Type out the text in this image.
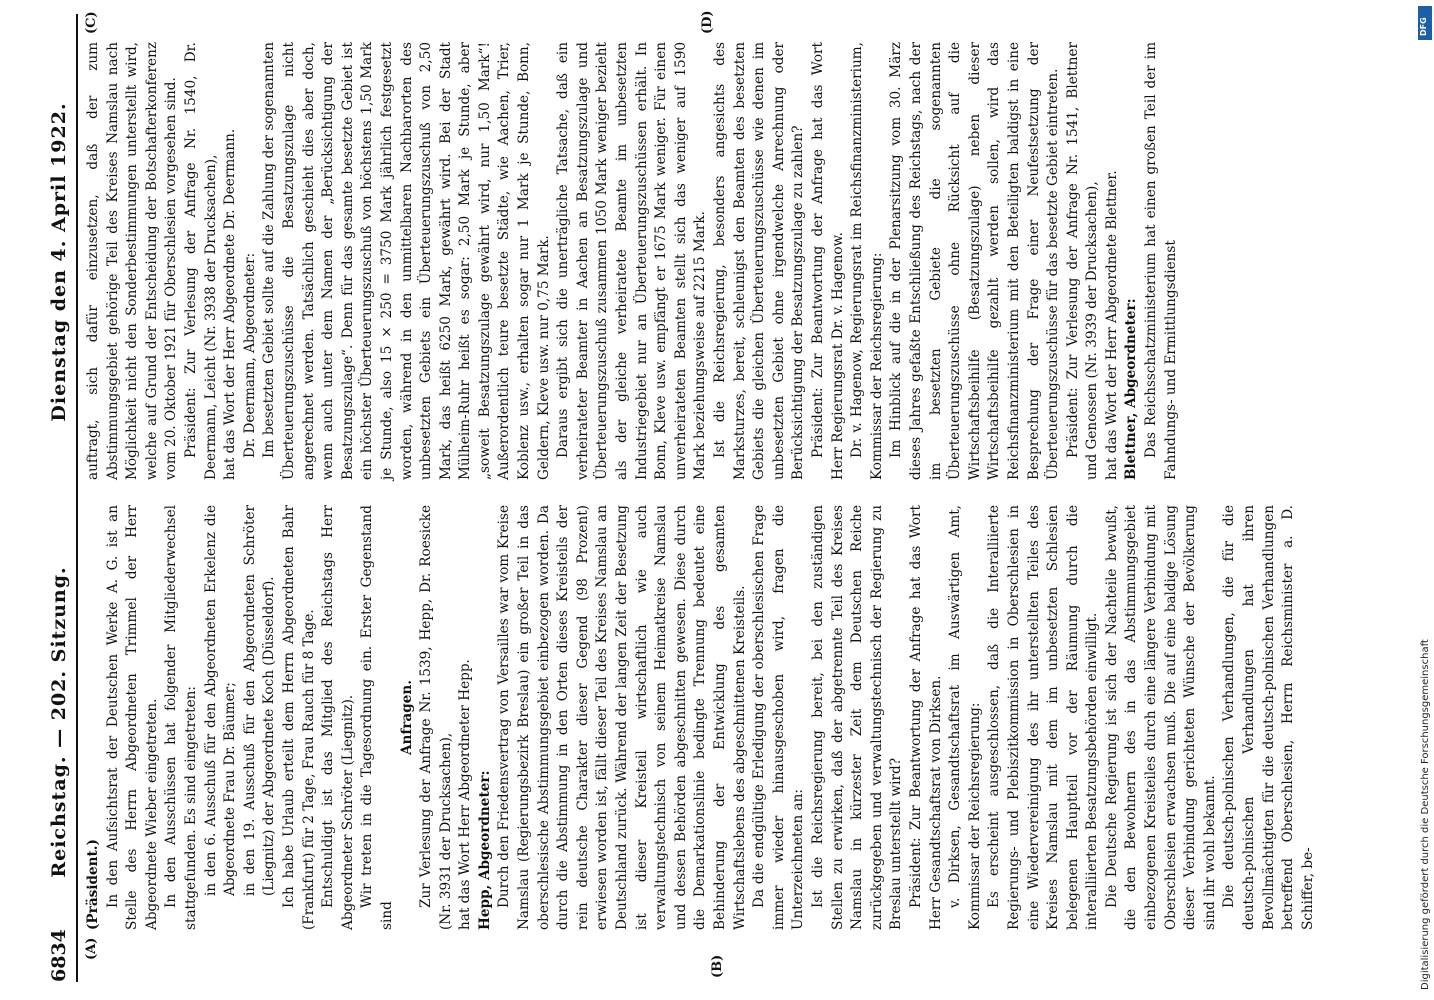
6834
Reichstag. — 202. Sitzung.
Dienstag den 4. April 1922.
(A)
(B)
(C)	(D)

(Präsident.) In den Aufsichtsrat der Deutschen Werke A. G. ist an Stelle des Herrn Abgeordneten Trimmel der Herr Abgeordnete Wieber eingetreten. In den Ausschüssen hat folgender Mitgliederwechsel stattgefunden. Es sind eingetreten: in den 6. Ausschuß für den Abgeordneten Erkelenz die Abgeordnete Frau Dr. Bäumer; in den 19. Ausschuß für den Abgeordneten Schröter (Liegnitz) der Abgeordnete Koch (Düsseldorf). Ich habe Urlaub erteilt dem Herrn Abgeordneten Bahr (Frankfurt) für 2 Tage, Frau Rauch für 8 Tage. Entschuldigt ist das Mitglied des Reichstags Herr Abgeordneter Schröter (Liegnitz). Wir treten in die Tagesordnung ein. Erster Gegenstand sind

Anfragen. Zur Verlesung der Anfrage Nr. 1539, Hepp, Dr. Roesicke (Nr. 3931 der Drucksachen), hat das Wort Herr Abgeordneter Hepp. Hepp, Abgeordneter: Durch den Friedensvertrag von Versailles war vom Kreise Namslau (Regierungsbezirk Breslau) ein großer Teil in das oberschlesische Abstimmungsgebiet einbezogen worden. Da durch die Abstimmung in den Orten dieses Kreisteils der rein deutsche Charakter dieser Gegend (98 Prozent) erwiesen worden ist, fällt dieser Teil des Kreises Namslau an Deutschland zurück. Während der langen Zeit der Besetzung ist dieser Kreisteil wirtschaftlich wie auch verwaltungstechnisch von seinem Heimatkreise Namslau und dessen Behörden abgeschnitten gewesen. Diese durch die Demarkationslinie bedingte Trennung bedeutet eine Behinderung der Entwicklung des gesamten Wirtschaftslebens des abgeschnittenen Kreisteils. Da die endgültige Erledigung der oberschlesischen Frage immer wieder hinausgeschoben wird, fragen die Unterzeichneten an: Ist die Reichsregierung bereit, bei den zuständigen Stellen zu erwirken, daß der abgetrennte Teil des Kreises Namslau in kürzester Zeit dem Deutschen Reiche zurückgegeben und verwaltungstechnisch der Regierung zu Breslau unterstellt wird? Präsident: Zur Beantwortung der Anfrage hat das Wort Herr Gesandtschaftsrat von Dirksen. v. Dirksen, Gesandtschaftsrat im Auswärtigen Amt, Kommissar der Reichsregierung: Es erscheint ausgeschlossen, daß die Interalliierte Regierungs- und Plebiszitkommission in Oberschlesien in eine Wiedervereinigung des ihr unterstellten Teiles des Kreises Namslau mit dem im unbesetzten Schlesien belegenen Hauptteil vor der Räumung durch die interalliierten Besatzungsbehörden einwilligt. Die Deutsche Regierung ist sich der Nachteile bewußt, die den Bewohnern des in das Abstimmungsgebiet einbezogenen Kreisteiles durch eine längere Verbindung mit Oberschlesien erwachsen muß. Die auf eine baldige Lösung dieser Verbindung gerichteten Wünsche der Bevölkerung sind ihr wohl bekannt. Die deutsch-polnischen Verhandlungen, die für die deutsch-polnischen Verhandlungen hat ihren Bevollmächtigten für die deutsch-polnischen Verhandlungen betreffend Oberschlesien, Herrn Reichsminister a. D. Schiffer, be-

auftragt, sich dafür einzusetzen, daß der zum Abstimmungsgebiet gehörige Teil des Kreises Namslau nach Möglichkeit nicht den Sonderbestimmungen unterstellt wird, welche auf Grund der Entscheidung der Botschafterkonferenz vom 20. Oktober 1921 für Oberschlesien vorgesehen sind. Präsident: Zur Verlesung der Anfrage Nr. 1540, Dr. Deermann, Leicht (Nr. 3938 der Drucksachen), hat das Wort der Herr Abgeordnete Dr. Deermann. Dr. Deermann, Abgeordneter: Im besetzten Gebiet sollte auf die Zahlung der sogenannten Überteuerungszuschüsse die Besatzungszulage nicht angerechnet werden. Tatsächlich geschieht dies aber doch, wenn auch unter dem Namen der „Berücksichtigung der Besatzungszulage“. Denn für das gesamte besetzte Gebiet ist ein höchster Überteuerungszuschuß von höchstens 1,50 Mark je Stunde, also 15 × 250 = 3750 Mark jährlich festgesetzt worden, während in den unmittelbaren Nachbarorten des unbesetzten Gebiets ein Überteuerungszuschuß von 2,50 Mark, das heißt 6250 Mark, gewährt wird. Bei der Stadt Mülheim-Ruhr heißt es sogar: 2,50 Mark je Stunde, aber „soweit Besatzungszulage gewährt wird, nur 1,50 Mark“! Außerordentlich teure besetzte Städte, wie Aachen, Trier, Koblenz usw., erhalten sogar nur 1 Mark je Stunde, Bonn, Geldern, Kleve usw. nur 0,75 Mark. Daraus ergibt sich die unerträgliche Tatsache, daß ein verheirateter Beamter in Aachen an Besatzungszulage und Überteuerungszuschuß zusammen 1050 Mark weniger bezieht als der gleiche verheiratete Beamte im unbesetzten Industriegebiet nur an Überteuerungszuschüssen erhält. In Bonn, Kleve usw. empfängt er 1675 Mark weniger. Für einen unverheirateten Beamten stellt sich das weniger auf 1590 Mark beziehungsweise auf 2215 Mark. Ist die Reichsregierung, besonders angesichts des Marksturzes, bereit, schleunigst den Beamten des besetzten Gebiets die gleichen Überteuerungszuschüsse wie denen im unbesetzten Gebiet ohne irgendwelche Anrechnung oder Berücksichtigung der Besatzungszulage zu zahlen? Präsident: Zur Beantwortung der Anfrage hat das Wort Herr Regierungsrat Dr. v. Hagenow. Dr. v. Hagenow, Regierungsrat im Reichsfinanzministerium, Kommissar der Reichsregierung: Im Hinblick auf die in der Plenarsitzung vom 30. März dieses Jahres gefaßte Entschließung des Reichstags, nach der im besetzten Gebiete die sogenannten Überteuerungszuschüsse ohne Rücksicht auf die Wirtschaftsbeihilfe (Besatzungszulage) neben dieser Wirtschaftsbeihilfe gezahlt werden sollen, wird das Reichsfinanzministerium mit den Beteiligten baldigst in eine Besprechung der Frage einer Neufestsetzung der Überteuerungszuschüsse für das besetzte Gebiet eintreten. Präsident: Zur Verlesung der Anfrage Nr. 1541, Blettner und Genossen (Nr. 3939 der Drucksachen), hat das Wort der Herr Abgeordnete Blettner. Blettner, Abgeordneter: Das Reichsschatzministerium hat einen großen Teil der im Fahndungs- und Ermittlungsdienst

DFG
Digitalisierung gefördert durch die Deutsche Forschungsgemeinschaft
